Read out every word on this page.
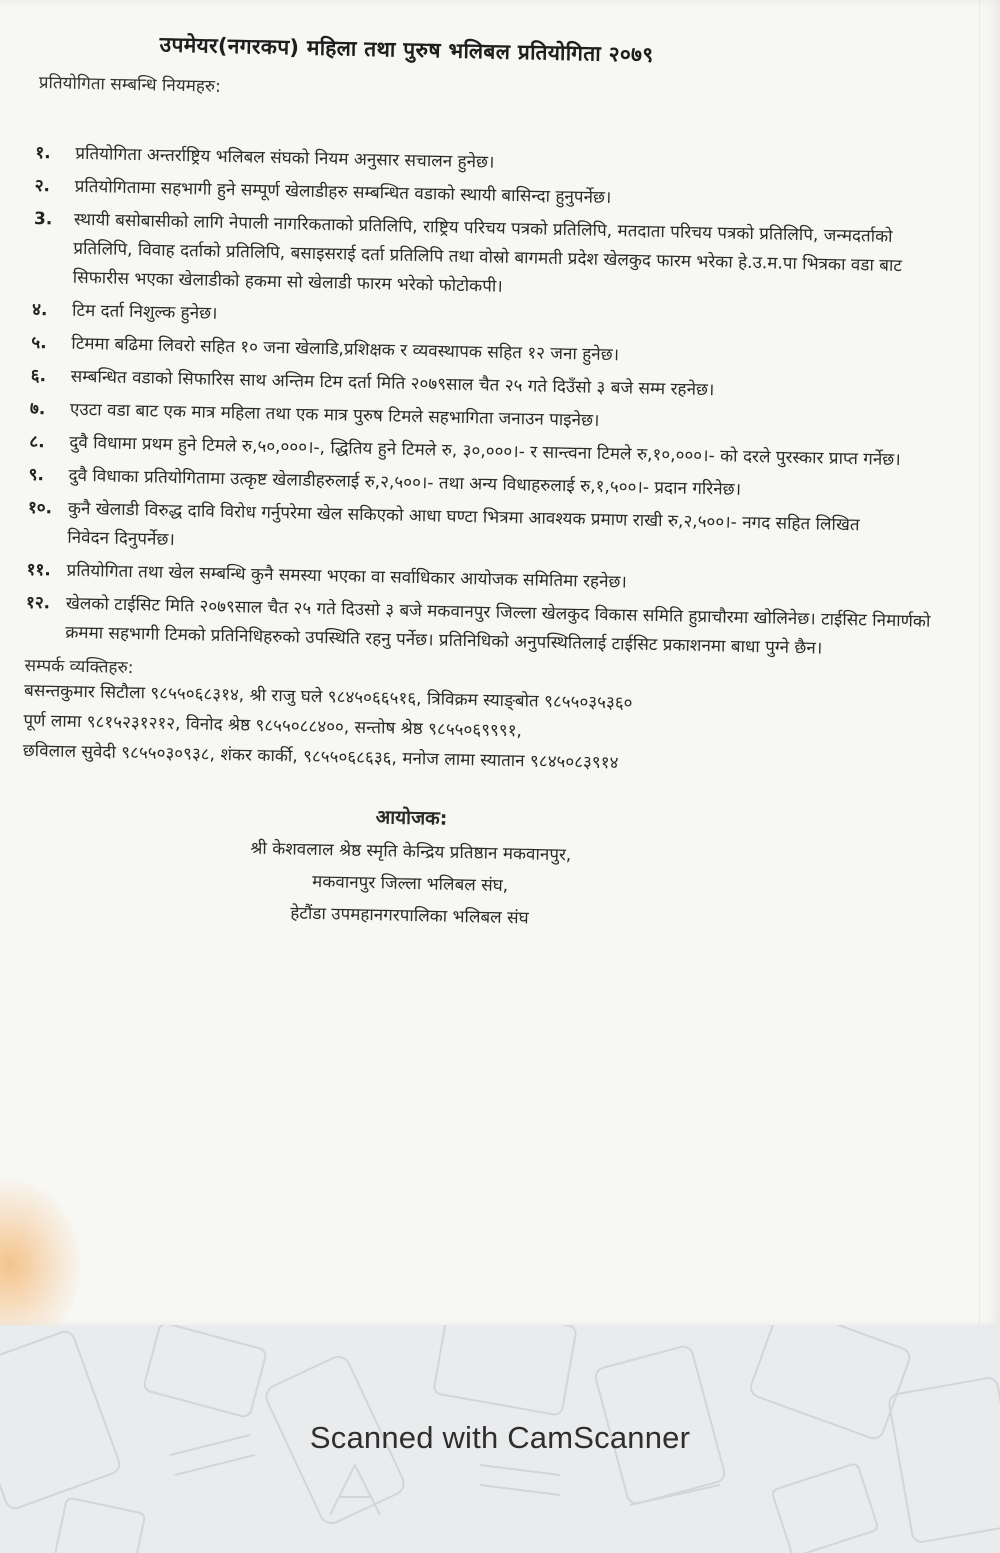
उपमेयर(नगरकप) महिला तथा पुरुष भलिबल प्रतियोगिता २०७९
प्रतियोगिता सम्बन्धि नियमहरु:
१.	प्रतियोगिता अन्तर्राष्ट्रिय भलिबल संघको नियम अनुसार सचालन हुनेछ।
२.	प्रतियोगितामा सहभागी हुने सम्पूर्ण खेलाडीहरु सम्बन्धित वडाको स्थायी बासिन्दा हुनुपर्नेछ।
3.	स्थायी बसोबासीको लागि नेपाली नागरिकताको प्रतिलिपि, राष्ट्रिय परिचय पत्रको प्रतिलिपि, मतदाता परिचय पत्रको प्रतिलिपि, जन्मदर्ताको प्रतिलिपि, विवाह दर्ताको प्रतिलिपि, बसाइसराई दर्ता प्रतिलिपि तथा वोस्रो बागमती प्रदेश खेलकुद फारम भरेका हे.उ.म.पा भित्रका वडा बाट सिफारीस भएका खेलाडीको हकमा सो खेलाडी फारम भरेको फोटोकपी।
४.	टिम दर्ता निशुल्क हुनेछ।
५.	टिममा बढिमा लिवरो सहित १० जना खेलाडि,प्रशिक्षक र व्यवस्थापक सहित १२ जना हुनेछ।
६.	सम्बन्धित वडाको सिफारिस साथ अन्तिम टिम दर्ता मिति २०७९साल चैत २५ गते दिउँसो ३ बजे सम्म रहनेछ।
७.	एउटा वडा बाट एक मात्र महिला तथा एक मात्र पुरुष टिमले सहभागिता जनाउन पाइनेछ।
८.	दुवै विधामा प्रथम हुने टिमले रु,५०,०००।-, द्धितिय हुने टिमले रु, ३०,०००।- र सान्त्वना टिमले रु,१०,०००।- को दरले पुरस्कार प्राप्त गर्नेछ।
९.	दुवै विधाका प्रतियोगितामा उत्कृष्ट खेलाडीहरुलाई रु,२,५००।- तथा अन्य विधाहरुलाई रु,१,५००।- प्रदान गरिनेछ।
१०. कुनै खेलाडी विरुद्ध दावि विरोध गर्नुपरेमा खेल सकिएको आधा घण्टा भित्रमा आवश्यक प्रमाण राखी रु,२,५००।- नगद सहित लिखित निवेदन दिनुपर्नेछ।
११. प्रतियोगिता तथा खेल सम्बन्धि कुनै समस्या भएका वा सर्वाधिकार आयोजक समितिमा रहनेछ।
१२. खेलको टाईसिट मिति २०७९साल चैत २५ गते दिउसो ३ बजे मकवानपुर जिल्ला खेलकुद विकास समिति हुप्राचौरमा खोलिनेछ। टाईसिट निमार्णको क्रममा सहभागी टिमको प्रतिनिधिहरुको उपस्थिति रहनु पर्नेछ। प्रतिनिधिको अनुपस्थितिलाई टाईसिट प्रकाशनमा बाधा पुग्ने छैन।
सम्पर्क व्यक्तिहरु:

बसन्तकुमार सिटौला ९८५५०६८३१४, श्री राजु घले ९८४५०६६५१६, त्रिविक्रम स्याङ्बोत ९८५५०३५३६०
पूर्ण लामा ९८१५२३१२१२, विनोद श्रेष्ठ ९८५५०८८४००, सन्तोष श्रेष्ठ ९८५५०६९९९१,
छविलाल सुवेदी ९८५५०३०९३८, शंकर कार्की, ९८५५०६८६३६, मनोज लामा स्यातान ९८४५०८३९१४

आयोजक:
श्री केशवलाल श्रेष्ठ स्मृति केन्द्रिय प्रतिष्ठान मकवानपुर,
मकवानपुर जिल्ला भलिबल संघ,
हेटौंडा उपमहानगरपालिका भलिबल संघ
Scanned with CamScanner
